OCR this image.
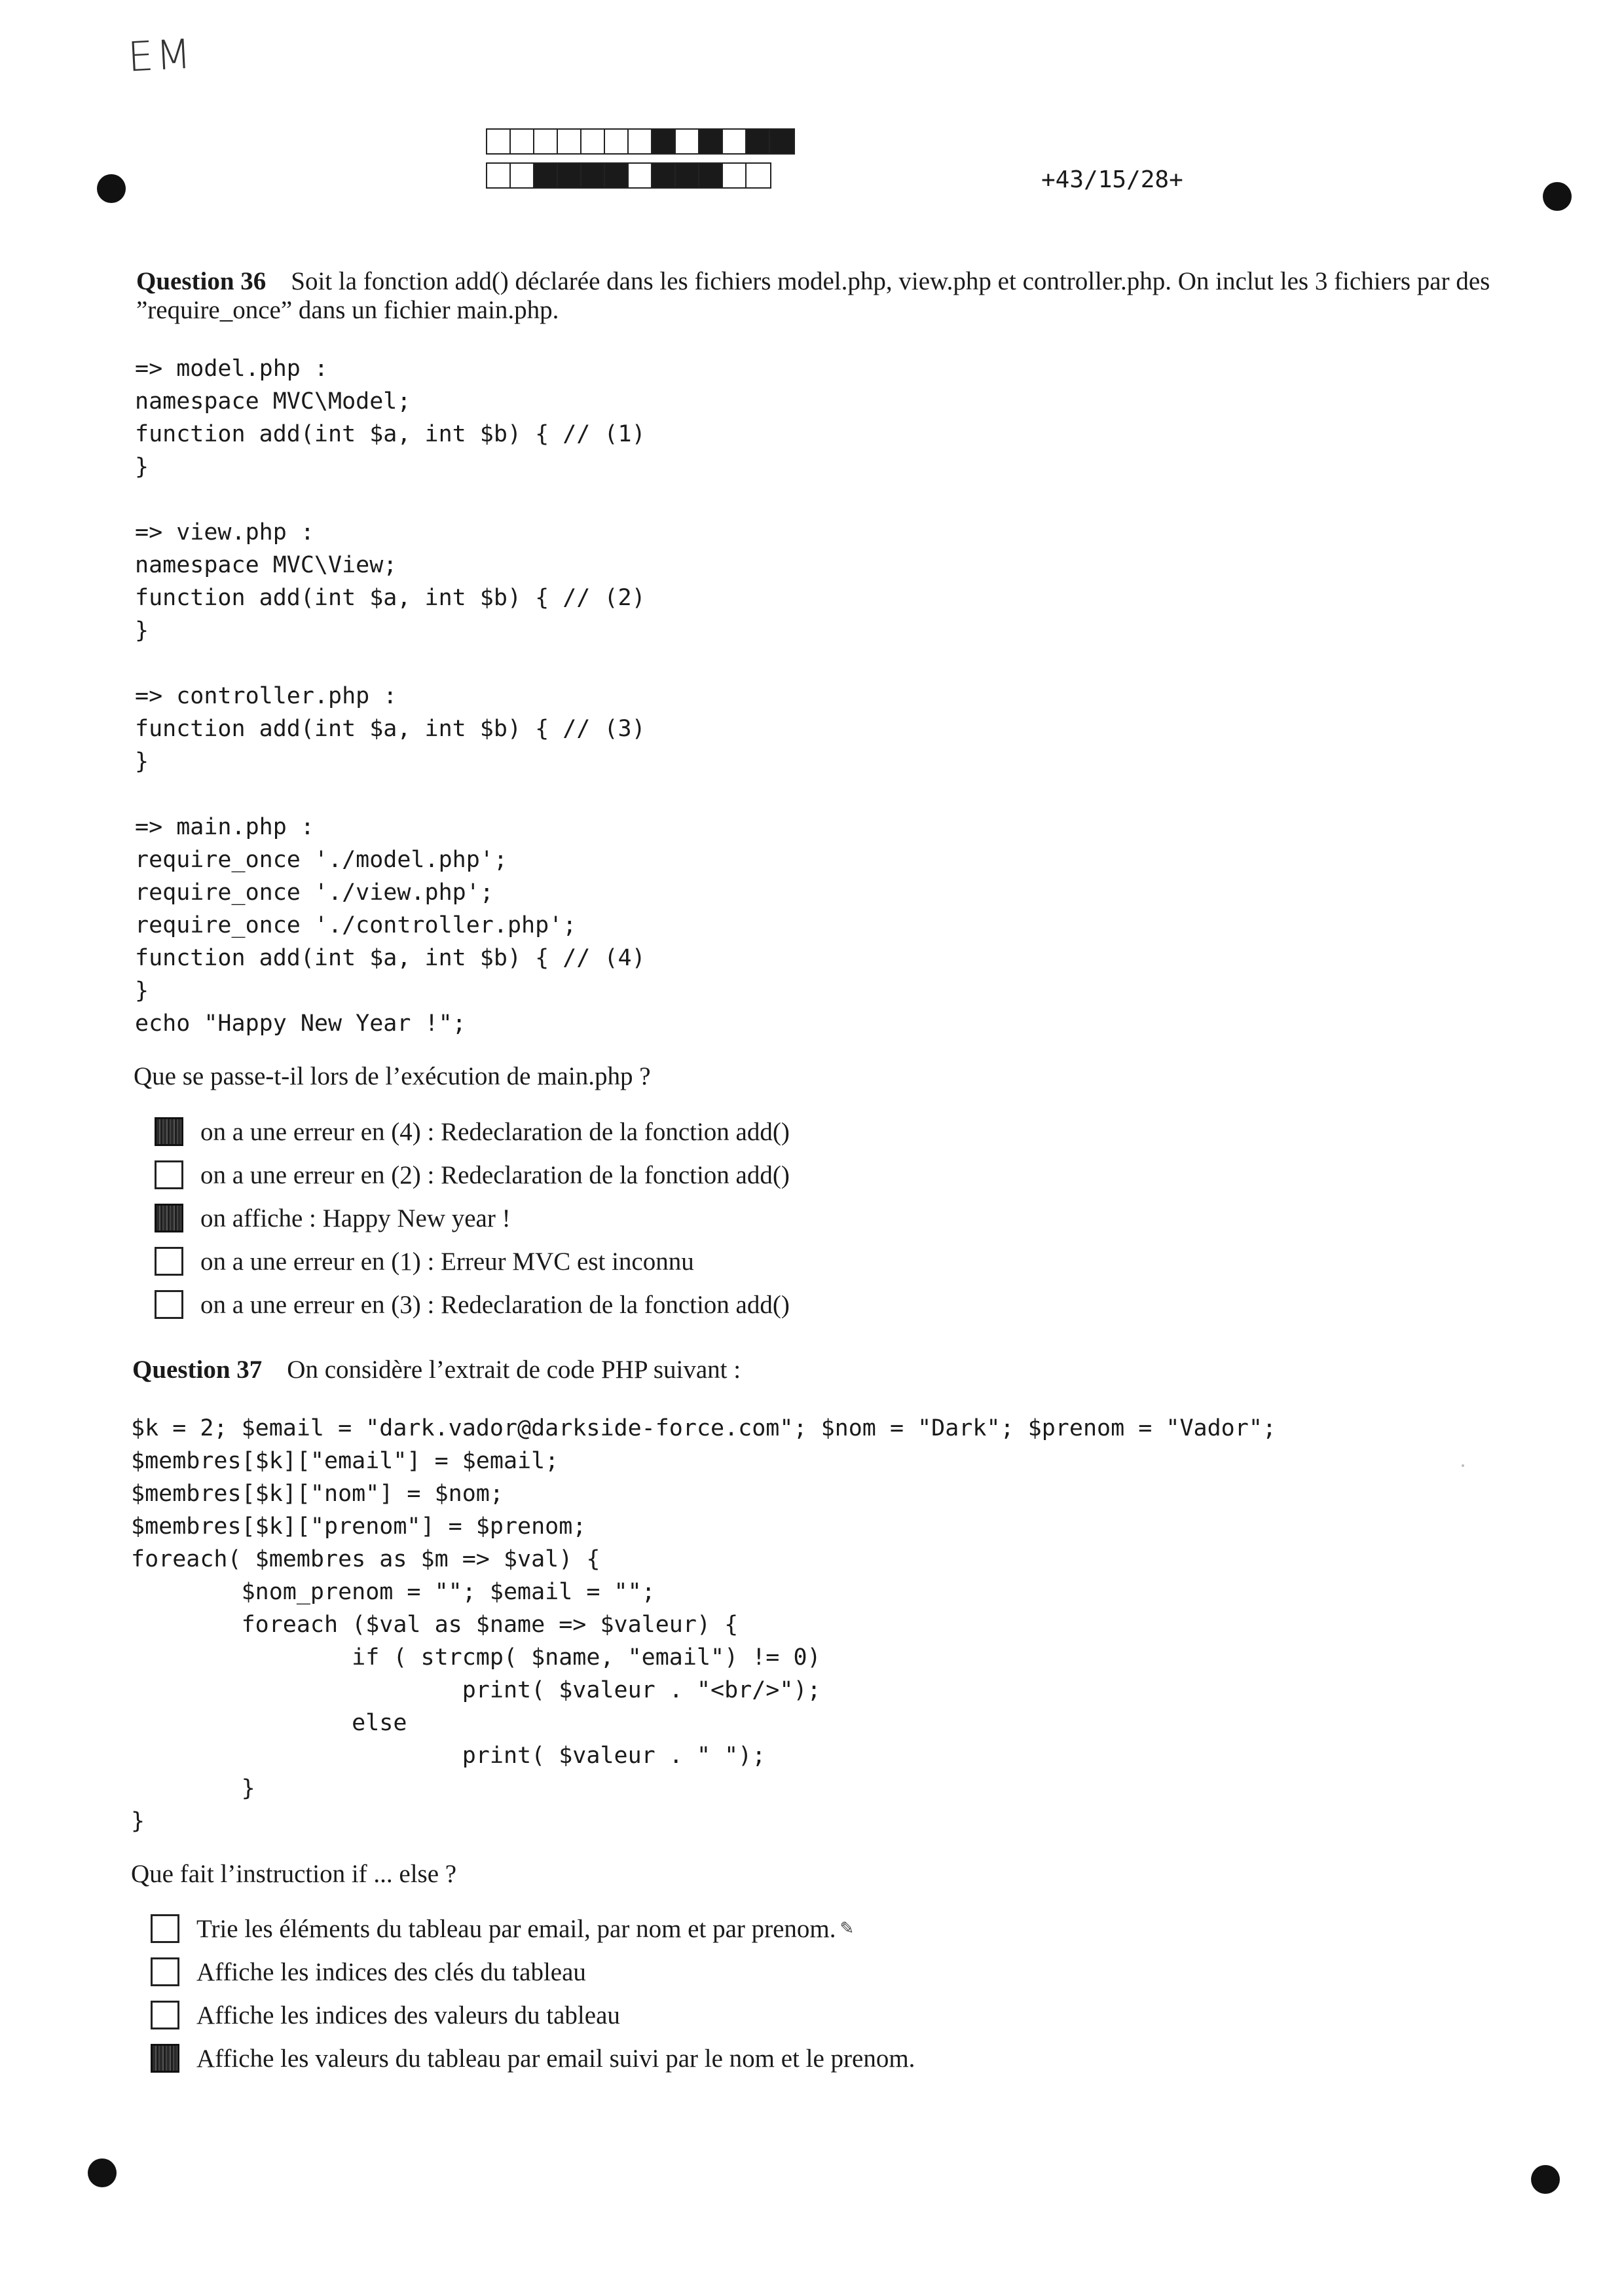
EM
+43/15/28+
Question 36 Soit la fonction add() déclarée dans les fichiers model.php, view.php et controller.php. On inclut les 3 fichiers par des ”require_once” dans un fichier main.php.
=> model.php :
namespace MVC\Model;
function add(int $a, int $b) { // (1)
}

=> view.php :
namespace MVC\View;
function add(int $a, int $b) { // (2)
}

=> controller.php :
function add(int $a, int $b) { // (3)
}

=> main.php :
require_once './model.php';
require_once './view.php';
require_once './controller.php';
function add(int $a, int $b) { // (4)
}
echo "Happy New Year !";
Que se passe-t-il lors de l’exécution de main.php ?
on a une erreur en (4) : Redeclaration de la fonction add()
on a une erreur en (2) : Redeclaration de la fonction add()
on affiche : Happy New year !
on a une erreur en (1) : Erreur MVC est inconnu
on a une erreur en (3) : Redeclaration de la fonction add()
Question 37 On considère l’extrait de code PHP suivant :
$k = 2; $email = "dark.vador@darkside-force.com"; $nom = "Dark"; $prenom = "Vador";
$membres[$k]["email"] = $email;
$membres[$k]["nom"] = $nom;
$membres[$k]["prenom"] = $prenom;
foreach( $membres as $m => $val) {
$nom_prenom = ""; $email = "";
foreach ($val as $name => $valeur) {
if ( strcmp( $name, "email") != 0)
print( $valeur . "<br/>");
else
print( $valeur . " ");
}
}
Que fait l’instruction if ... else ?
Trie les éléments du tableau par email, par nom et par prenom. ✎
Affiche les indices des clés du tableau
Affiche les indices des valeurs du tableau
Affiche les valeurs du tableau par email suivi par le nom et le prenom.
